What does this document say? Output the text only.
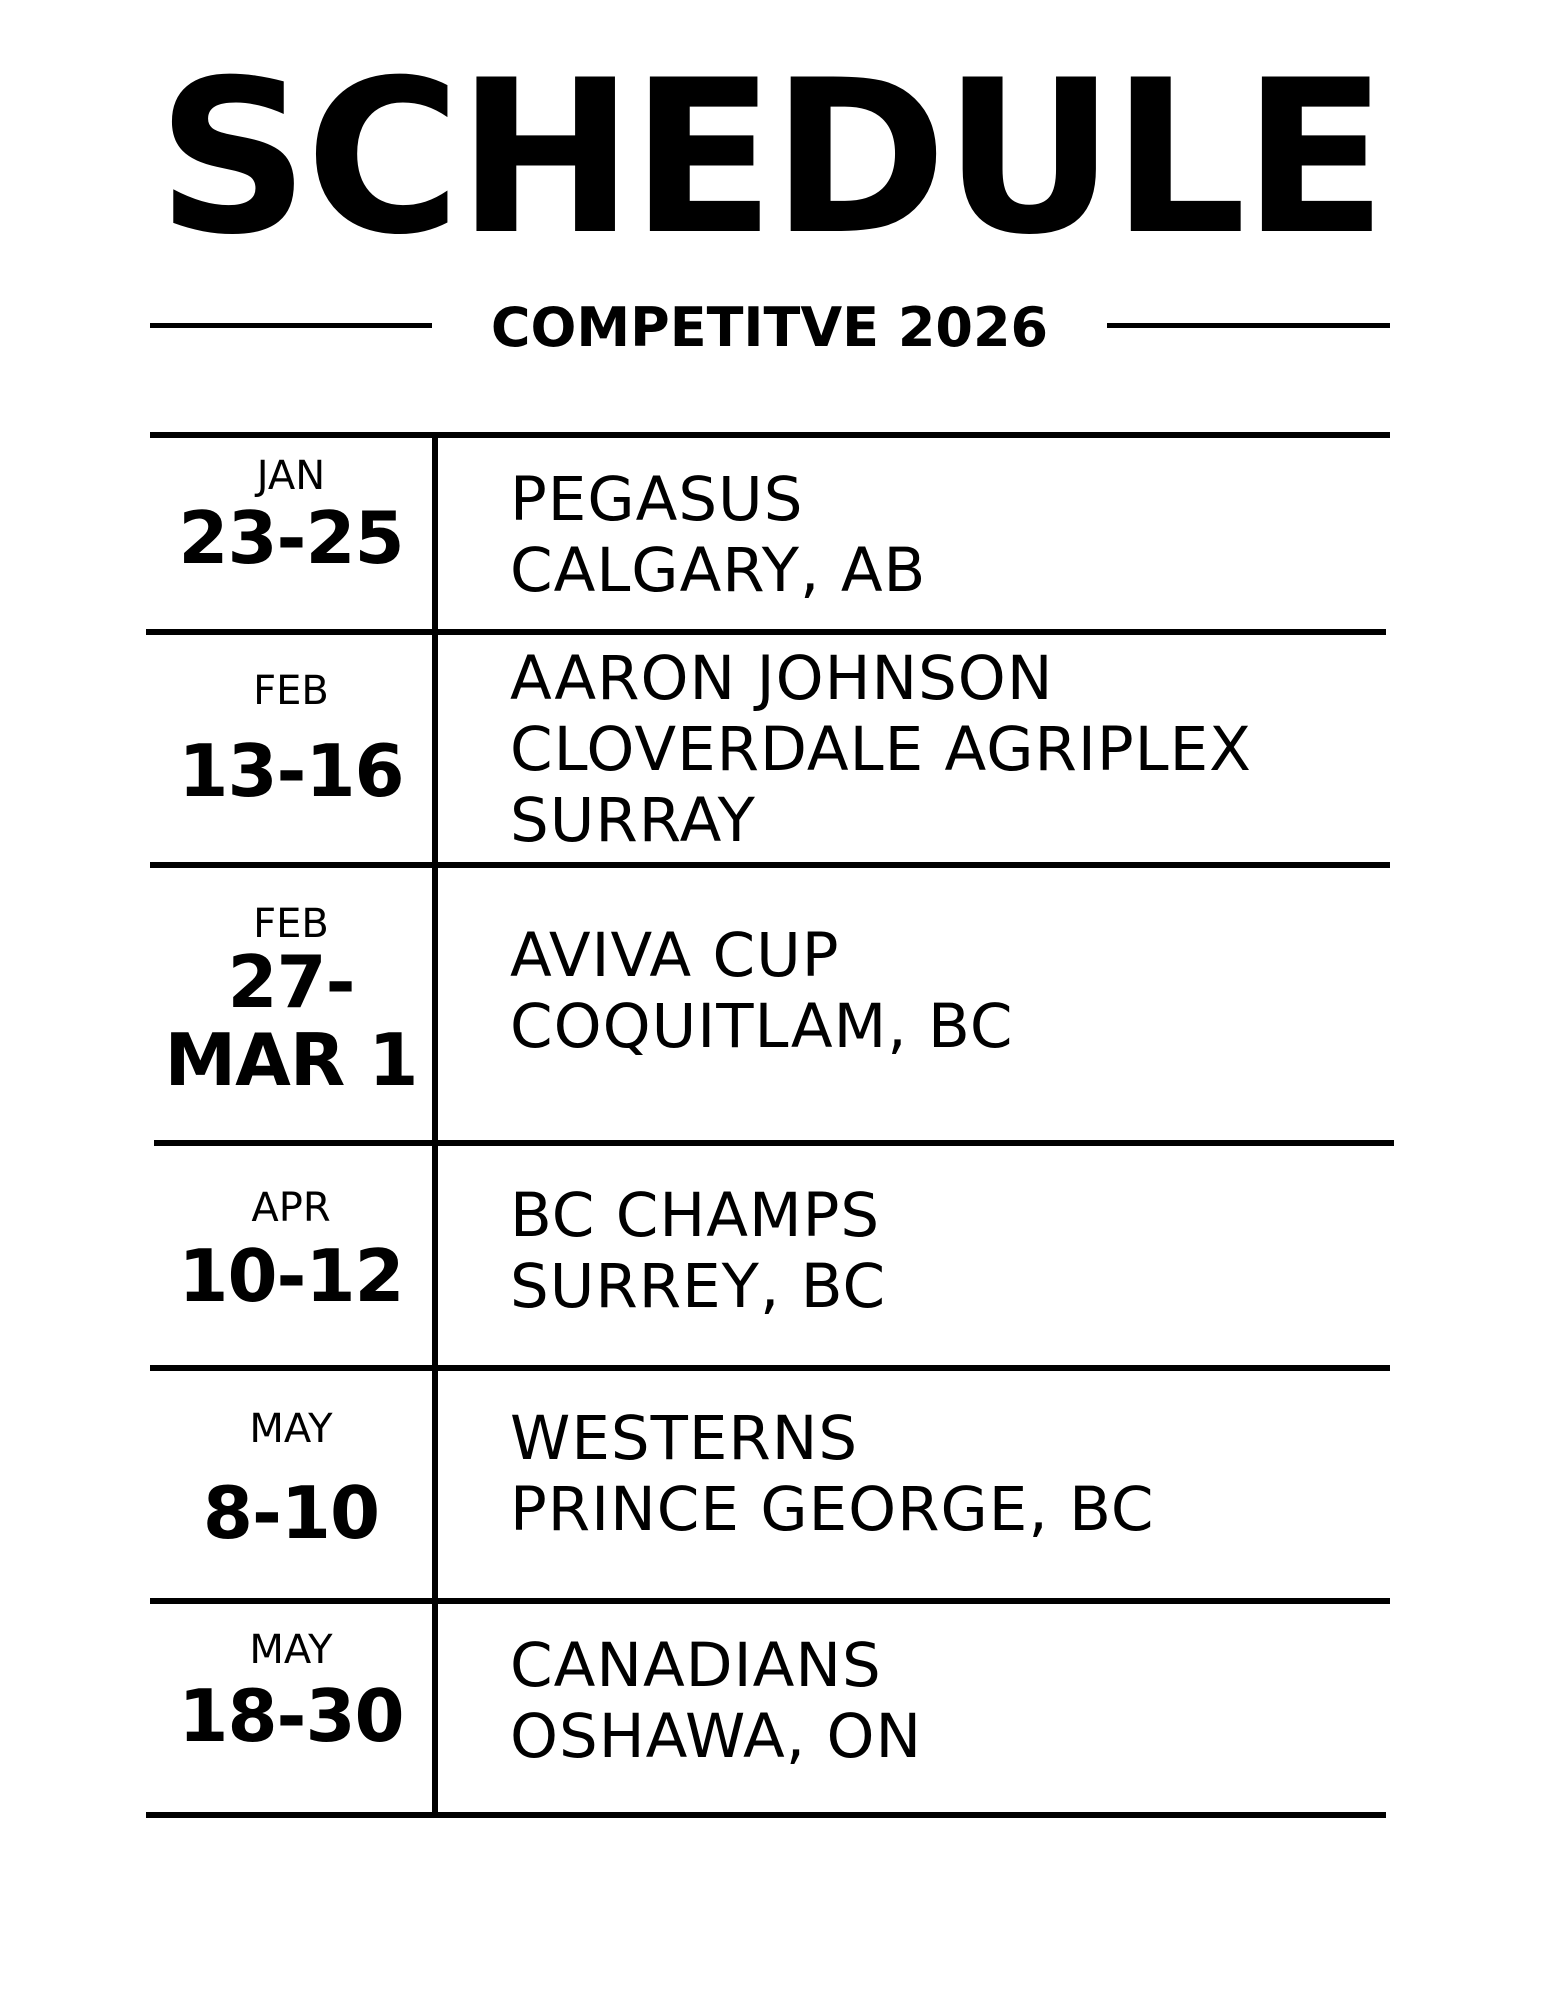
SCHEDULE
COMPETITVE 2026
JAN
23-25	PEGASUS
CALGARY, AB
FEB
13-16
AARON JOHNSON
CLOVERDALE AGRIPLEX
SURRAY
FEB
27-
MAR 1
AVIVA CUP
COQUITLAM, BC
APR
10-12
BC CHAMPS
SURREY, BC
MAY
8-10
WESTERNS
PRINCE GEORGE, BC
MAY
18-30
CANADIANS
OSHAWA, ON
